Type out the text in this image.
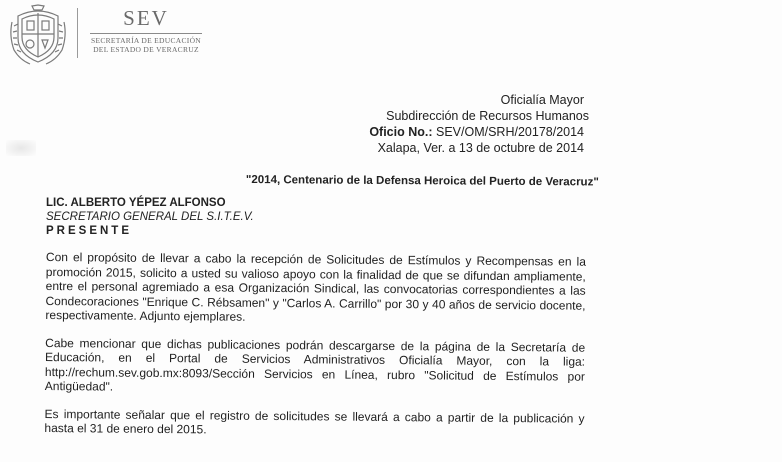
SEV
SECRETARÍA DE EDUCACIÓN
DEL ESTADO DE VERACRUZ
Oficialía Mayor
Subdirección de Recursos Humanos
Oficio No.: SEV/OM/SRH/20178/2014
Xalapa, Ver. a 13 de octubre de 2014
"2014, Centenario de la Defensa Heroica del Puerto de Veracruz"
LIC. ALBERTO YÉPEZ ALFONSO
SECRETARIO GENERAL DEL S.I.T.E.V.
PRESENTE

Con el propósito de llevar a cabo la recepción de Solicitudes de Estímulos y Recompensas en la promoción 2015, solicito a usted su valioso apoyo con la finalidad de que se difundan ampliamente, entre el personal agremiado a esa Organización Sindical, las convocatorias correspondientes a las Condecoraciones "Enrique C. Rébsamen" y "Carlos A. Carrillo" por 30 y 40 años de servicio docente, respectivamente. Adjunto ejemplares.

Cabe mencionar que dichas publicaciones podrán descargarse de la página de la Secretaría de Educación, en el Portal de Servicios Administrativos Oficialía Mayor, con la liga: http://rechum.sev.gob.mx:8093/Sección Servicios en Línea, rubro "Solicitud de Estímulos por Antigüedad".

Es importante señalar que el registro de solicitudes se llevará a cabo a partir de la publicación y hasta el 31 de enero del 2015.
